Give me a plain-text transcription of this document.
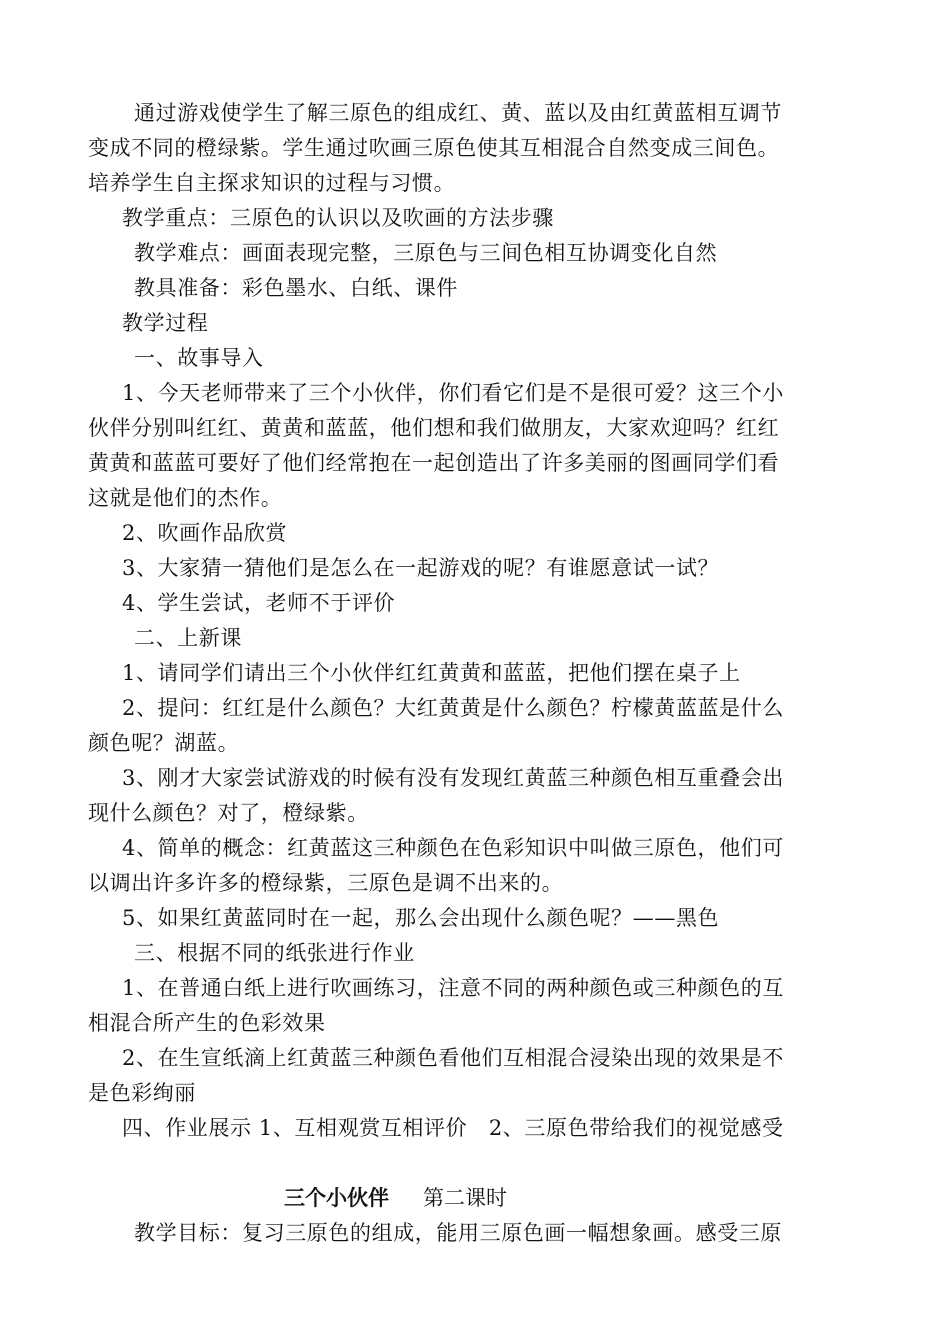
通过游戏使学生了解三原色的组成红、黄、蓝以及由红黄蓝相互调节
变成不同的橙绿紫。学生通过吹画三原色使其互相混合自然变成三间色。
培养学生自主探求知识的过程与习惯。
教学重点：三原色的认识以及吹画的方法步骤
教学难点：画面表现完整，三原色与三间色相互协调变化自然
教具准备：彩色墨水、白纸、课件
教学过程
一、故事导入
1、今天老师带来了三个小伙伴，你们看它们是不是很可爱？这三个小
伙伴分别叫红红、黄黄和蓝蓝，他们想和我们做朋友，大家欢迎吗？红红
黄黄和蓝蓝可要好了他们经常抱在一起创造出了许多美丽的图画同学们看
这就是他们的杰作。
2、吹画作品欣赏
3、大家猜一猜他们是怎么在一起游戏的呢？有谁愿意试一试？
4、学生尝试，老师不于评价
二、上新课
1、请同学们请出三个小伙伴红红黄黄和蓝蓝，把他们摆在桌子上
2、提问：红红是什么颜色？大红黄黄是什么颜色？柠檬黄蓝蓝是什么
颜色呢？湖蓝。
3、刚才大家尝试游戏的时候有没有发现红黄蓝三种颜色相互重叠会出
现什么颜色？对了，橙绿紫。
4、简单的概念：红黄蓝这三种颜色在色彩知识中叫做三原色，他们可
以调出许多许多的橙绿紫，三原色是调不出来的。
5、如果红黄蓝同时在一起，那么会出现什么颜色呢？——黑色
三、根据不同的纸张进行作业
1、在普通白纸上进行吹画练习，注意不同的两种颜色或三种颜色的互
相混合所产生的色彩效果
2、在生宣纸滴上红黄蓝三种颜色看他们互相混合浸染出现的效果是不
是色彩绚丽
四、作业展示 1、互相观赏互相评价　2、三原色带给我们的视觉感受
三个小伙伴 第二课时
教学目标：复习三原色的组成，能用三原色画一幅想象画。感受三原
